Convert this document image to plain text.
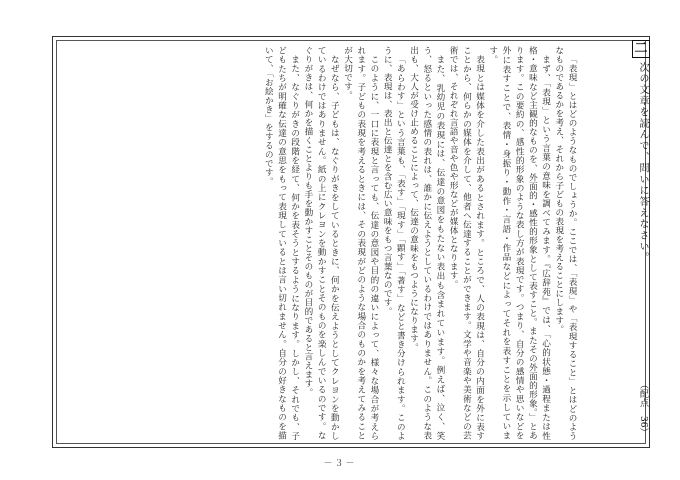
二
次の文章を読んで、問いに答えなさい。
（配点　36）

「表現」とはどのようなものでしょうか。ここでは、「表現」や「表現すること」とはどのようなものであるかを考え、それから子どもの表現を考えることにします。

まず、「表現」という言葉の意味を調べてみます。『広辞苑』では、「心的状態・過程または性格・意味など主観的なものを、外面的・感性的形象として表すこと。またその外面的形象。」とあります。この要約の、感性的形象のような表し方が表現です。つまり、自分の感情や思いなどを外に表すことで、表情・身振り・動作・言語・作品などによってそれを表すことを示しています。

表現とは媒体を介した表出があるとされます。ところで、人の表現は、自分の内面を外に表すことから、何らかの媒体を介して、他者へ伝達することができます。文学や音楽や美術などの芸術では、それぞれ言語や音や色や形などが媒体となります。

また、乳幼児の表現には、伝達の意図をもたない表出も含まれています。例えば、泣く、笑う、怒るといった感情の表れは、誰かに伝えようとしているわけではありません。このような表出も、大人が受け止めることによって、伝達の意味をもつようになります。

「あらわす」という言葉も、「表す」「現す」「顕す」「著す」などと書き分けられます。このように、表現は、表出と伝達とを含む広い意味をもつ言葉なのです。

このように、一口に表現と言っても、伝達の意図や目的の違いによって、様々な場合が考えられます。子どもの表現を考えるときには、その表現がどのような場合のものかを考えてみることが大切です。

なぜなら、子どもは、なぐりがきをしているときに、何かを伝えようとしてクレヨンを動かしているわけではありません。紙の上にクレヨンを動かすことそのものを楽しんでいるのです。なぐりがきは、何かを描くことよりも手を動かすことそのものが目的であると言えます。

また、なぐりがきの段階を経て、何かを表そうとするようになります。しかし、それでも、子どもたちが明確な伝達の意思をもって表現しているとは言い切れません。自分の好きなものを描いて、「お絵かき」をするのです。

－３－
